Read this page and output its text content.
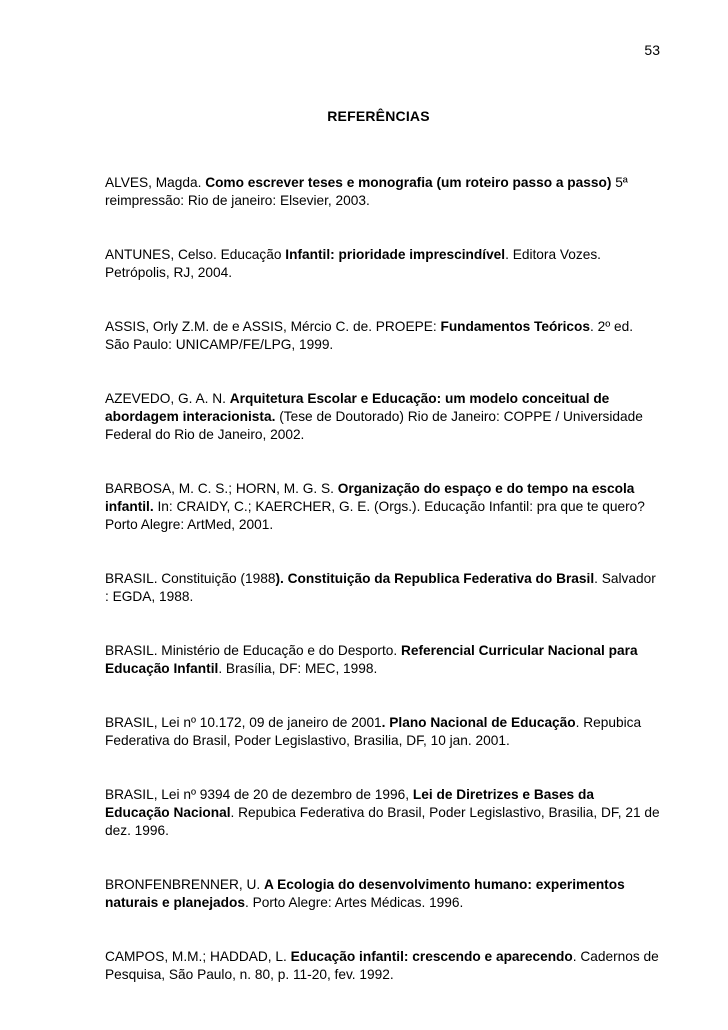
53
REFERÊNCIAS

ALVES, Magda. Como escrever teses e monografia (um roteiro passo a passo) 5ª reimpressão: Rio de janeiro: Elsevier, 2003.

ANTUNES, Celso. Educação Infantil: prioridade imprescindível. Editora Vozes. Petrópolis, RJ, 2004.

ASSIS, Orly Z.M. de e ASSIS, Mércio C. de. PROEPE: Fundamentos Teóricos. 2º ed. São Paulo: UNICAMP/FE/LPG, 1999.

AZEVEDO, G. A. N. Arquitetura Escolar e Educação: um modelo conceitual de abordagem interacionista. (Tese de Doutorado) Rio de Janeiro: COPPE / Universidade Federal do Rio de Janeiro, 2002.

BARBOSA, M. C. S.; HORN, M. G. S. Organização do espaço e do tempo na escola infantil. In: CRAIDY, C.; KAERCHER, G. E. (Orgs.). Educação Infantil: pra que te quero? Porto Alegre: ArtMed, 2001.

BRASIL. Constituição (1988). Constituição da Republica Federativa do Brasil. Salvador : EGDA, 1988.

BRASIL. Ministério de Educação e do Desporto. Referencial Curricular Nacional para Educação Infantil. Brasília, DF: MEC, 1998.

BRASIL, Lei nº 10.172, 09 de janeiro de 2001. Plano Nacional de Educação. Repubica Federativa do Brasil, Poder Legislastivo, Brasilia, DF, 10 jan. 2001.

BRASIL, Lei nº 9394 de 20 de dezembro de 1996, Lei de Diretrizes e Bases da Educação Nacional. Repubica Federativa do Brasil, Poder Legislastivo, Brasilia, DF, 21 de dez. 1996.

BRONFENBRENNER, U. A Ecologia do desenvolvimento humano: experimentos naturais e planejados. Porto Alegre: Artes Médicas. 1996.

CAMPOS, M.M.; HADDAD, L. Educação infantil: crescendo e aparecendo. Cadernos de Pesquisa, São Paulo, n. 80, p. 11-20, fev. 1992.
